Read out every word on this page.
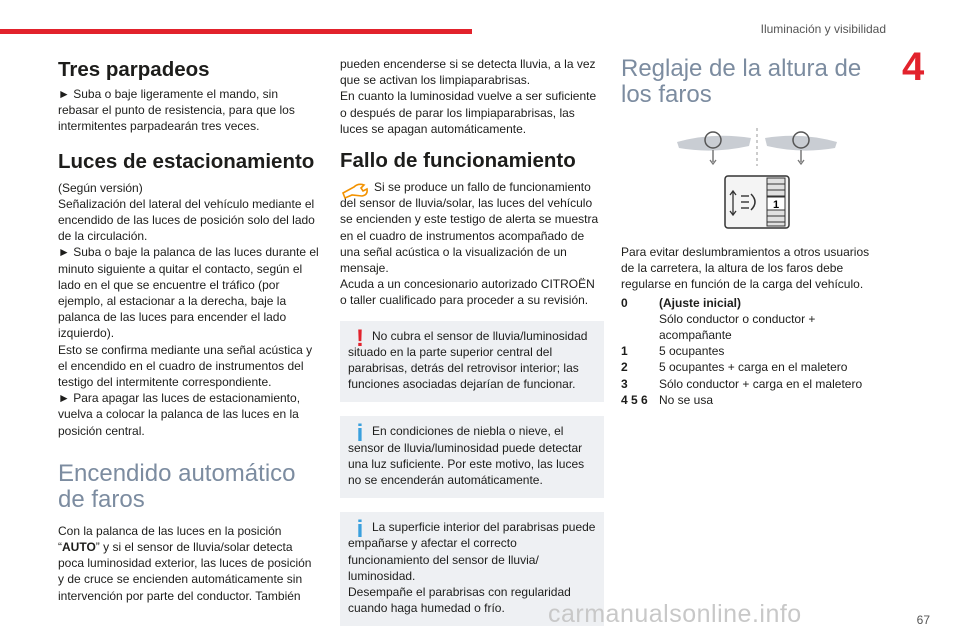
Iluminación y visibilidad
4
Tres parpadeos

► Suba o baje ligeramente el mando, sin rebasar el punto de resistencia, para que los intermitentes parpadearán tres veces.

Luces de estacionamiento

(Según versión)

Señalización del lateral del vehículo mediante el encendido de las luces de posición solo del lado de la circulación.

► Suba o baje la palanca de las luces durante el minuto siguiente a quitar el contacto, según el lado en el que se encuentre el tráfico (por ejemplo, al estacionar a la derecha, baje la palanca de las luces para encender el lado izquierdo).

Esto se confirma mediante una señal acústica y el encendido en el cuadro de instrumentos del testigo del intermitente correspondiente.

► Para apagar las luces de estacionamiento, vuelva a colocar la palanca de las luces en la posición central.

Encendido automático de faros

Con la palanca de las luces en la posición “AUTO” y si el sensor de lluvia/solar detecta poca luminosidad exterior, las luces de posición y de cruce se encienden automáticamente sin intervención por parte del conductor. También

pueden encenderse si se detecta lluvia, a la vez que se activan los limpiaparabrisas.

En cuanto la luminosidad vuelve a ser suficiente o después de parar los limpiaparabrisas, las luces se apagan automáticamente.

Fallo de funcionamiento

Si se produce un fallo de funcionamiento del sensor de lluvia/solar, las luces del vehículo se encienden y este testigo de alerta se muestra en el cuadro de instrumentos acompañado de una señal acústica o la visualización de un mensaje.

Acuda a un concesionario autorizado CITROËN o taller cualificado para proceder a su revisión.

! No cubra el sensor de lluvia/luminosidad situado en la parte superior central del parabrisas, detrás del retrovisor interior; las funciones asociadas dejarían de funcionar.

i En condiciones de niebla o nieve, el sensor de lluvia/luminosidad puede detectar una luz suficiente. Por este motivo, las luces no se encenderán automáticamente.

i La superficie interior del parabrisas puede empañarse y afectar el correcto funcionamiento del sensor de lluvia/ luminosidad.

Desempañe el parabrisas con regularidad cuando haga humedad o frío.

Reglaje de la altura de los faros
1

Para evitar deslumbramientos a otros usuarios de la carretera, la altura de los faros debe regularse en función de la carga del vehículo.

0	(Ajuste inicial)
Sólo conductor o conductor + acompañante
1	5 ocupantes
2	5 ocupantes + carga en el maletero
3	Sólo conductor + carga en el maletero
4 5 6 No se usa
carmanualsonline.info	67
